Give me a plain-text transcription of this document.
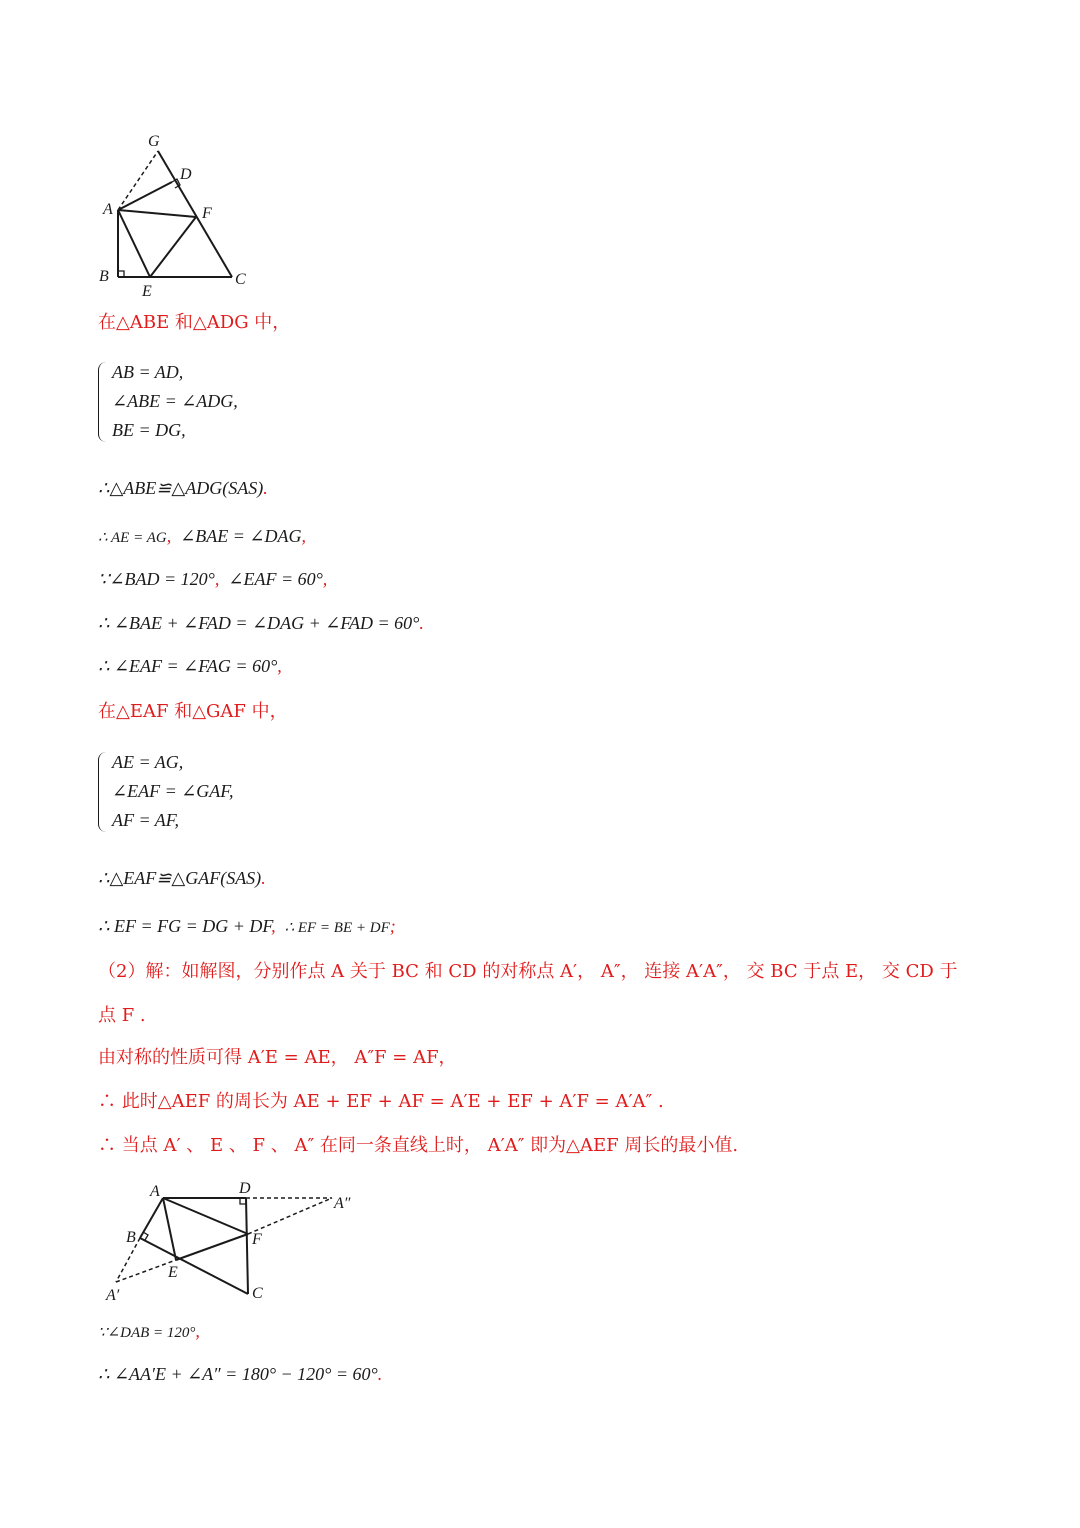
G
D
A	F
B
E
C
在△ABE 和△ADG 中，
AB = AD,
∠ABE = ∠ADG,
BE = DG,
∴△ABE≌△ADG(SAS).
∴ AE = AG, ∠BAE = ∠DAG,
∵∠BAD = 120°, ∠EAF = 60°,
∴ ∠BAE + ∠FAD = ∠DAG + ∠FAD = 60°.
∴ ∠EAF = ∠FAG = 60°,
在△EAF 和△GAF 中，
AE = AG,
∠EAF = ∠GAF,
AF = AF,
∴△EAF≌△GAF(SAS).
∴ EF = FG = DG + DF, ∴ EF = BE + DF;
（2）解：如解图，分别作点 A 关于 BC 和 CD 的对称点 A′， A″， 连接 A′A″， 交 BC 于点 E， 交 CD 于
点 F .
由对称的性质可得 A′E = AE， A″F = AF，
∴ 此时△AEF 的周长为 AE + EF + AF = A′E + EF + A′F = A′A″ .
∴ 当点 A′ 、 E 、 F 、 A″ 在同一条直线上时， A′A″ 即为△AEF 周长的最小值.
A	D
A″
B	F
E
A′	C
∵∠DAB = 120°,
∴ ∠AA′E + ∠A″ = 180° − 120° = 60°.
